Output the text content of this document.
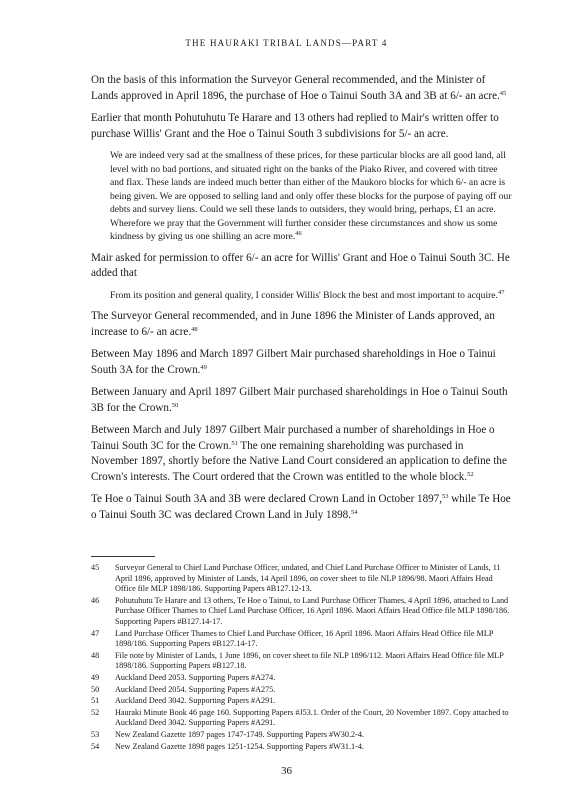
THE HAURAKI TRIBAL LANDS—PART 4

On the basis of this information the Surveyor General recommended, and the Minister of Lands approved in April 1896, the purchase of Hoe o Tainui South 3A and 3B at 6/- an acre.$^{45}$

Earlier that month Pohutuhutu Te Harare and 13 others had replied to Mair's written offer to purchase Willis' Grant and the Hoe o Tainui South 3 subdivisions for 5/- an acre.

We are indeed very sad at the smallness of these prices, for these particular blocks are all good land, all level with no bad portions, and situated right on the banks of the Piako River, and covered with titree and flax. These lands are indeed much better than either of the Maukoro blocks for which 6/- an acre is being given. We are opposed to selling land and only offer these blocks for the purpose of paying off our debts and survey liens. Could we sell these lands to outsiders, they would bring, perhaps, £1 an acre. Wherefore we pray that the Government will further consider these circumstances and show us some kindness by giving us one shilling an acre more.$^{46}$

Mair asked for permission to offer 6/- an acre for Willis' Grant and Hoe o Tainui South 3C. He added that

From its position and general quality, I consider Willis' Block the best and most important to acquire.$^{47}$

The Surveyor General recommended, and in June 1896 the Minister of Lands approved, an increase to 6/- an acre.$^{48}$

Between May 1896 and March 1897 Gilbert Mair purchased shareholdings in Hoe o Tainui South 3A for the Crown.$^{49}$

Between January and April 1897 Gilbert Mair purchased shareholdings in Hoe o Tainui South 3B for the Crown.$^{50}$

Between March and July 1897 Gilbert Mair purchased a number of shareholdings in Hoe o Tainui South 3C for the Crown.$^{51}$ The one remaining shareholding was purchased in November 1897, shortly before the Native Land Court considered an application to define the Crown's interests. The Court ordered that the Crown was entitled to the whole block.$^{52}$

Te Hoe o Tainui South 3A and 3B were declared Crown Land in October 1897,53 while Te Hoe o Tainui South 3C was declared Crown Land in July 1898.54

45	Surveyor General to Chief Land Purchase Officer, undated, and Chief Land Purchase Officer to Minister of Lands, 11 April 1896, approved by Minister of Lands, 14 April 1896, on cover sheet to file NLP 1896/98. Maori Affairs Head Office file MLP 1898/186. Supporting Papers #B127.12-13.
46	Pohutuhutu Te Harare and 13 others, Te Hoe o Tainui, to Land Purchase Officer Thames, 4 April 1896, attached to Land Purchase Officer Thames to Chief Land Purchase Officer, 16 April 1896. Maori Affairs Head Office file MLP 1898/186. Supporting Papers #B127.14-17.
47	Land Purchase Officer Thames to Chief Land Purchase Officer, 16 April 1896. Maori Affairs Head Office file MLP 1898/186. Supporting Papers #B127.14-17.
48	File note by Minister of Lands, 1 June 1896, on cover sheet to file NLP 1896/112. Maori Affairs Head Office file MLP 1898/186. Supporting Papers #B127.18.
49	Auckland Deed 2053. Supporting Papers #A274.
50	Auckland Deed 2054. Supporting Papers #A275.
51	Auckland Deed 3042. Supporting Papers #A291.
52	Hauraki Minute Book 46 page 160. Supporting Papers #J53.1. Order of the Court, 20 November 1897. Copy attached to Auckland Deed 3042. Supporting Papers #A291.
53	New Zealand Gazette 1897 pages 1747-1749. Supporting Papers #W30.2-4.
54	New Zealand Gazette 1898 pages 1251-1254. Supporting Papers #W31.1-4.
36
